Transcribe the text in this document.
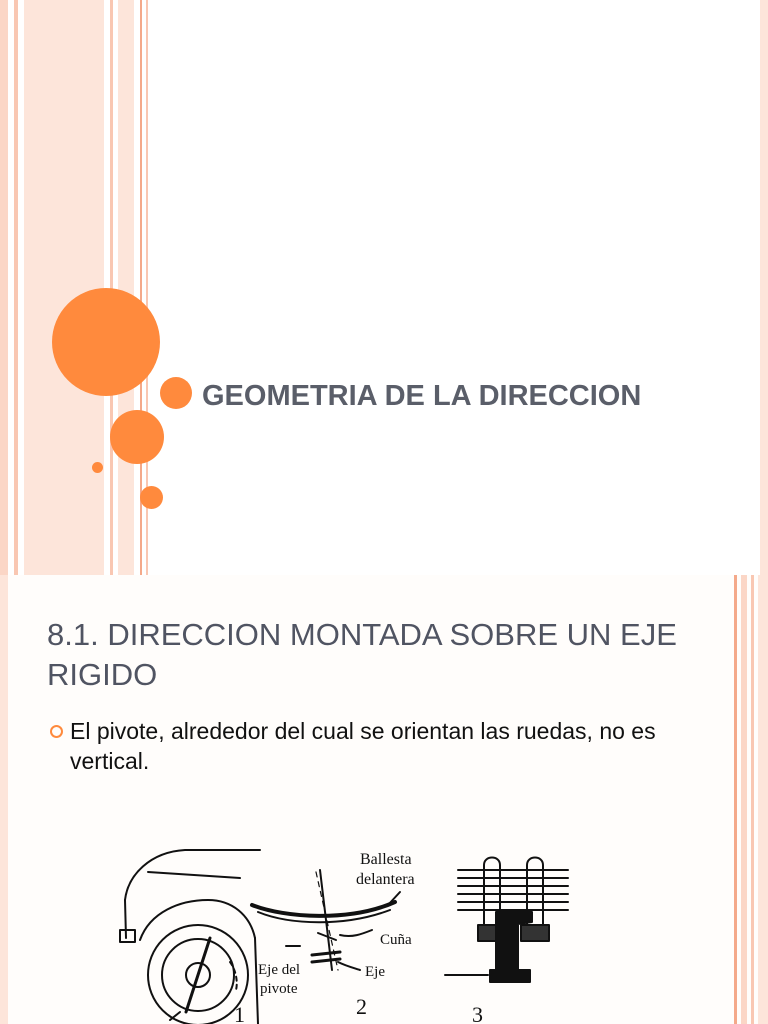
GEOMETRIA DE LA DIRECCION
8.1. DIRECCION MONTADA SOBRE UN EJE RIGIDO
El pivote, alrededor del cual se orientan las ruedas, no es vertical.
Ballesta
delantera
Cuña
Eje
Eje del
pivote
1	2	3
